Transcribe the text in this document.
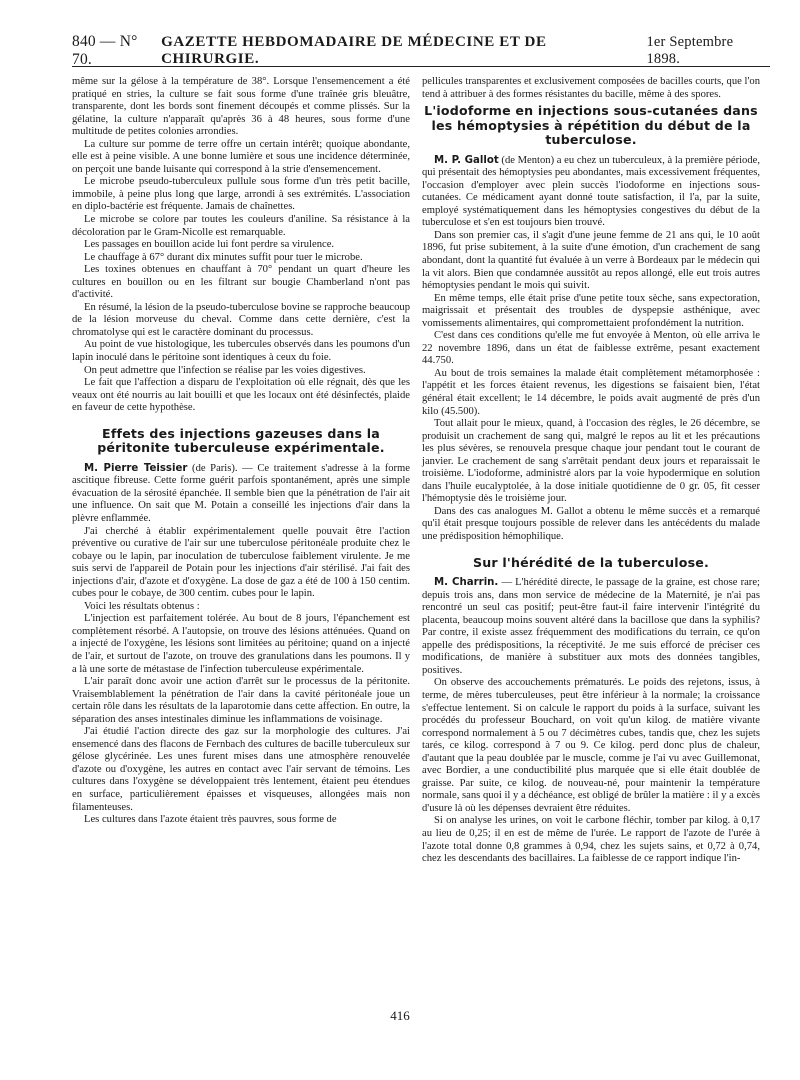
840 — N° 70.
GAZETTE HEBDOMADAIRE DE MÉDECINE ET DE CHIRURGIE.
1er Septembre 1898.

même sur la gélose à la température de 38°. Lorsque l'ensemencement a été pratiqué en stries, la culture se fait sous forme d'une traînée gris bleuâtre, transparente, dont les bords sont finement découpés et comme plissés. Sur la gélatine, la culture n'apparaît qu'après 36 à 48 heures, sous forme d'une multitude de petites colonies arrondies.

La culture sur pomme de terre offre un certain intérêt; quoique abondante, elle est à peine visible. A une bonne lumière et sous une incidence déterminée, on perçoit une bande luisante qui correspond à la strie d'ensemencement.

Le microbe pseudo-tuberculeux pullule sous forme d'un très petit bacille, immobile, à peine plus long que large, arrondi à ses extrémités. L'association en diplo-bactérie est fréquente. Jamais de chaînettes.

Le microbe se colore par toutes les couleurs d'aniline. Sa résistance à la décoloration par le Gram-Nicolle est remarquable.

Les passages en bouillon acide lui font perdre sa virulence.

Le chauffage à 67° durant dix minutes suffit pour tuer le microbe.

Les toxines obtenues en chauffant à 70° pendant un quart d'heure les cultures en bouillon ou en les filtrant sur bougie Chamberland n'ont pas d'activité.

En résumé, la lésion de la pseudo-tuberculose bovine se rapproche beaucoup de la lésion morveuse du cheval. Comme dans cette dernière, c'est la chromatolyse qui est le caractère dominant du processus.

Au point de vue histologique, les tubercules observés dans les poumons d'un lapin inoculé dans le péritoine sont identiques à ceux du foie.

On peut admettre que l'infection se réalise par les voies digestives.

Le fait que l'affection a disparu de l'exploitation où elle régnait, dès que les veaux ont été nourris au lait bouilli et que les locaux ont été désinfectés, plaide en faveur de cette hypothèse.

Effets des injections gazeuses dans la péritonite tuberculeuse expérimentale.

M. Pierre Teissier (de Paris). — Ce traitement s'adresse à la forme ascitique fibreuse. Cette forme guérit parfois spontanément, après une simple évacuation de la sérosité épanchée. Il semble bien que la pénétration de l'air ait une influence. On sait que M. Potain a conseillé les injections d'air dans la plèvre enflammée.

J'ai cherché à établir expérimentalement quelle pouvait être l'action préventive ou curative de l'air sur une tuberculose péritonéale produite chez le cobaye ou le lapin, par inoculation de tuberculose faiblement virulente. Je me suis servi de l'appareil de Potain pour les injections d'air stérilisé. J'ai fait des injections d'air, d'azote et d'oxygène. La dose de gaz a été de 100 à 150 centim. cubes pour le cobaye, de 300 centim. cubes pour le lapin.

Voici les résultats obtenus :

L'injection est parfaitement tolérée. Au bout de 8 jours, l'épanchement est complètement résorbé. A l'autopsie, on trouve des lésions atténuées. Quand on a injecté de l'oxygène, les lésions sont limitées au péritoine; quand on a injecté de l'air, et surtout de l'azote, on trouve des granulations dans les poumons. Il y a là une sorte de métastase de l'infection tuberculeuse expérimentale.

L'air paraît donc avoir une action d'arrêt sur le processus de la péritonite. Vraisemblablement la pénétration de l'air dans la cavité péritonéale joue un certain rôle dans les résultats de la laparotomie dans cette affection. En outre, la séparation des anses intestinales diminue les inflammations de voisinage.

J'ai étudié l'action directe des gaz sur la morphologie des cultures. J'ai ensemencé dans des flacons de Fernbach des cultures de bacille tuberculeux sur gélose glycérinée. Les unes furent mises dans une atmosphère renouvelée d'azote ou d'oxygène, les autres en contact avec l'air servant de témoins. Les cultures dans l'oxygène se développaient très lentement, étaient peu étendues en surface, particulièrement épaisses et visqueuses, allongées mais non filamenteuses.

Les cultures dans l'azote étaient très pauvres, sous forme de

pellicules transparentes et exclusivement composées de bacilles courts, que l'on tend à attribuer à des formes résistantes du bacille, même à des spores.

L'iodoforme en injections sous-cutanées dans les hémoptysies à répétition du début de la tuberculose.

M. P. Gallot (de Menton) a eu chez un tuberculeux, à la première période, qui présentait des hémoptysies peu abondantes, mais excessivement fréquentes, l'occasion d'employer avec plein succès l'iodoforme en injections sous-cutanées. Ce médicament ayant donné toute satisfaction, il l'a, par la suite, employé systématiquement dans les hémoptysies congestives du début de la tuberculose et s'en est toujours bien trouvé.

Dans son premier cas, il s'agit d'une jeune femme de 21 ans qui, le 10 août 1896, fut prise subitement, à la suite d'une émotion, d'un crachement de sang abondant, dont la quantité fut évaluée à un verre à Bordeaux par le médecin qui la vit alors. Bien que condamnée aussitôt au repos allongé, elle eut trois autres hémoptysies pendant le mois qui suivit.

En même temps, elle était prise d'une petite toux sèche, sans expectoration, maigrissait et présentait des troubles de dyspepsie asthénique, avec vomissements alimentaires, qui compromettaient profondément la nutrition.

C'est dans ces conditions qu'elle me fut envoyée à Menton, où elle arriva le 22 novembre 1896, dans un état de faiblesse extrême, pesant exactement 44.750.

Au bout de trois semaines la malade était complètement métamorphosée : l'appétit et les forces étaient revenus, les digestions se faisaient bien, l'état général était excellent; le 14 décembre, le poids avait augmenté de près d'un kilo (45.500).

Tout allait pour le mieux, quand, à l'occasion des règles, le 26 décembre, se produisit un crachement de sang qui, malgré le repos au lit et les précautions les plus sévères, se renouvela presque chaque jour pendant tout le courant de janvier. Le crachement de sang s'arrêtait pendant deux jours et reparaissait le troisième. L'iodoforme, administré alors par la voie hypodermique en solution dans l'huile eucalyptolée, à la dose initiale quotidienne de 0 gr. 05, fit cesser l'hémoptysie dès le troisième jour.

Dans des cas analogues M. Gallot a obtenu le même succès et a remarqué qu'il était presque toujours possible de relever dans les antécédents du malade une prédisposition hémophilique.

Sur l'hérédité de la tuberculose.

M. Charrin. — L'hérédité directe, le passage de la graine, est chose rare; depuis trois ans, dans mon service de médecine de la Maternité, je n'ai pas rencontré un seul cas positif; peut-être faut-il faire intervenir l'intégrité du placenta, beaucoup moins souvent altéré dans la bacillose que dans la syphilis? Par contre, il existe assez fréquemment des modifications du terrain, ce qu'on appelle des prédispositions, la réceptivité. Je me suis efforcé de préciser ces modifications, de manière à substituer aux mots des données tangibles, positives.

On observe des accouchements prématurés. Le poids des rejetons, issus, à terme, de mères tuberculeuses, peut être inférieur à la normale; la croissance s'effectue lentement. Si on calcule le rapport du poids à la surface, suivant les procédés du professeur Bouchard, on voit qu'un kilog. de matière vivante correspond normalement à 5 ou 7 décimètres cubes, tandis que, chez les sujets tarés, ce kilog. correspond à 7 ou 9. Ce kilog. perd donc plus de chaleur, d'autant que la peau doublée par le muscle, comme je l'ai vu avec Guillemonat, avec Bordier, a une conductibilité plus marquée que si elle était doublée de graisse. Par suite, ce kilog. de nouveau-né, pour maintenir la température normale, sans quoi il y a déchéance, est obligé de brûler la matière : il y a excès d'usure là où les dépenses devraient être réduites.

Si on analyse les urines, on voit le carbone fléchir, tomber par kilog. à 0,17 au lieu de 0,25; il en est de même de l'urée. Le rapport de l'azote de l'urée à l'azote total donne 0,8 grammes à 0,94, chez les sujets sains, et 0,72 à 0,74, chez les descendants des bacillaires. La faiblesse de ce rapport indique l'in-

416
